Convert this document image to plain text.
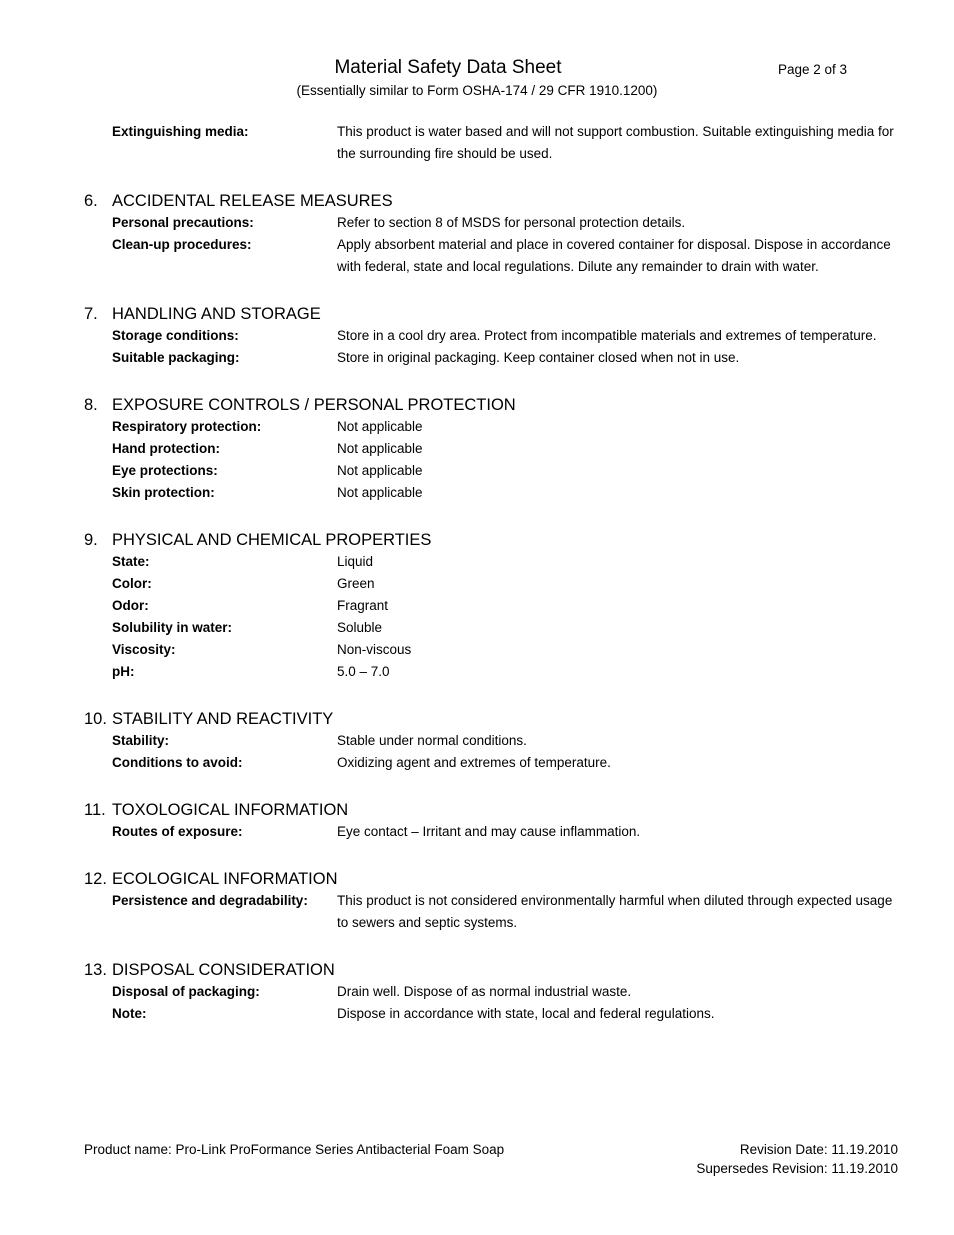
Material Safety Data Sheet	Page 2 of 3
(Essentially similar to Form OSHA-174 / 29 CFR 1910.1200)
Extinguishing media:	This product is water based and will not support combustion. Suitable extinguishing media for the surrounding fire should be used.
6. ACCIDENTAL RELEASE MEASURES
Personal precautions:	Refer to section 8 of MSDS for personal protection details.
Clean-up procedures:	Apply absorbent material and place in covered container for disposal. Dispose in accordance with federal, state and local regulations. Dilute any remainder to drain with water.
7. HANDLING AND STORAGE
Storage conditions:	Store in a cool dry area. Protect from incompatible materials and extremes of temperature.
Suitable packaging:	Store in original packaging. Keep container closed when not in use.
8. EXPOSURE CONTROLS / PERSONAL PROTECTION
Respiratory protection:	Not applicable
Hand protection:	Not applicable
Eye protections:	Not applicable
Skin protection:	Not applicable
9. PHYSICAL AND CHEMICAL PROPERTIES
State:	Liquid
Color:	Green
Odor:	Fragrant
Solubility in water:	Soluble
Viscosity:	Non-viscous
pH:	5.0 – 7.0
10. STABILITY AND REACTIVITY
Stability:	Stable under normal conditions.
Conditions to avoid:	Oxidizing agent and extremes of temperature.
11. TOXOLOGICAL INFORMATION
Routes of exposure:	Eye contact – Irritant and may cause inflammation.
12. ECOLOGICAL INFORMATION
Persistence and degradability:	This product is not considered environmentally harmful when diluted through expected usage to sewers and septic systems.
13. DISPOSAL CONSIDERATION
Disposal of packaging:	Drain well. Dispose of as normal industrial waste.
Note:	Dispose in accordance with state, local and federal regulations.
Product name: Pro-Link ProFormance Series Antibacterial Foam Soap	Revision Date: 11.19.2010
Supersedes Revision: 11.19.2010
